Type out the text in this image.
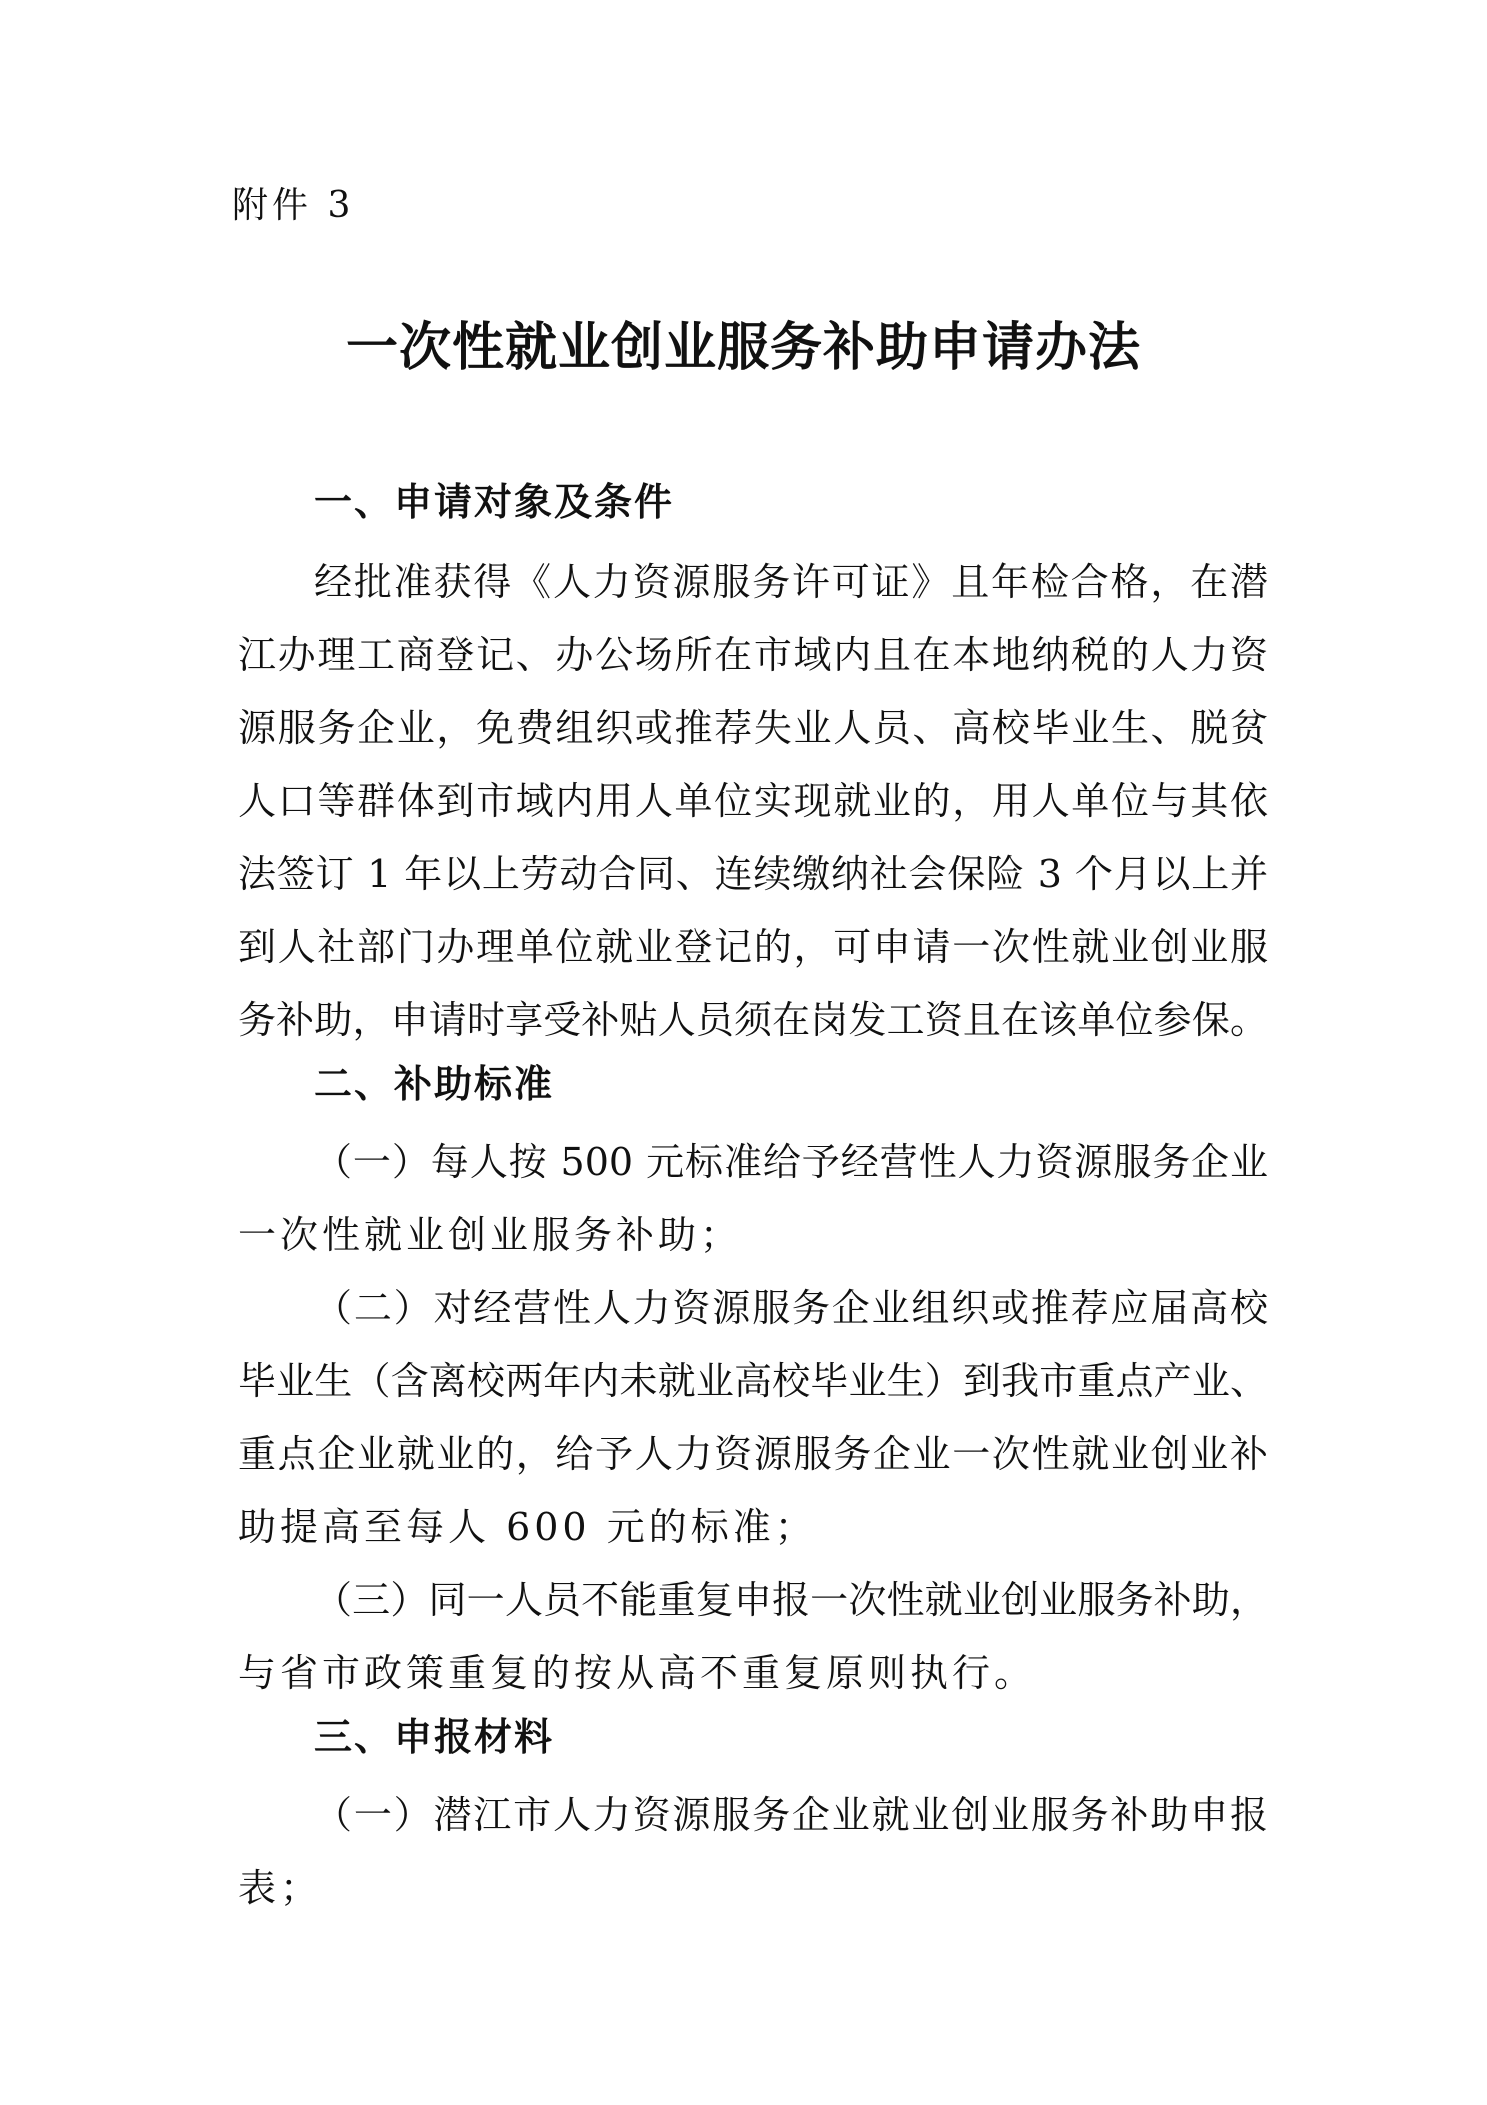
附件 3
一次性就业创业服务补助申请办法
一、申请对象及条件
经批准获得《人力资源服务许可证》且年检合格，在潜
江办理工商登记、办公场所在市域内且在本地纳税的人力资
源服务企业，免费组织或推荐失业人员、高校毕业生、脱贫
人口等群体到市域内用人单位实现就业的，用人单位与其依
法签订 1 年以上劳动合同、连续缴纳社会保险 3 个月以上并
到人社部门办理单位就业登记的，可申请一次性就业创业服
务补助，申请时享受补贴人员须在岗发工资且在该单位参保。
二、补助标准
（一）每人按 500 元标准给予经营性人力资源服务企业
一次性就业创业服务补助；
（二）对经营性人力资源服务企业组织或推荐应届高校
毕业生（含离校两年内未就业高校毕业生）到我市重点产业、
重点企业就业的，给予人力资源服务企业一次性就业创业补
助提高至每人 600 元的标准；
（三）同一人员不能重复申报一次性就业创业服务补助，
与省市政策重复的按从高不重复原则执行。
三、申报材料
（一）潜江市人力资源服务企业就业创业服务补助申报
表；
